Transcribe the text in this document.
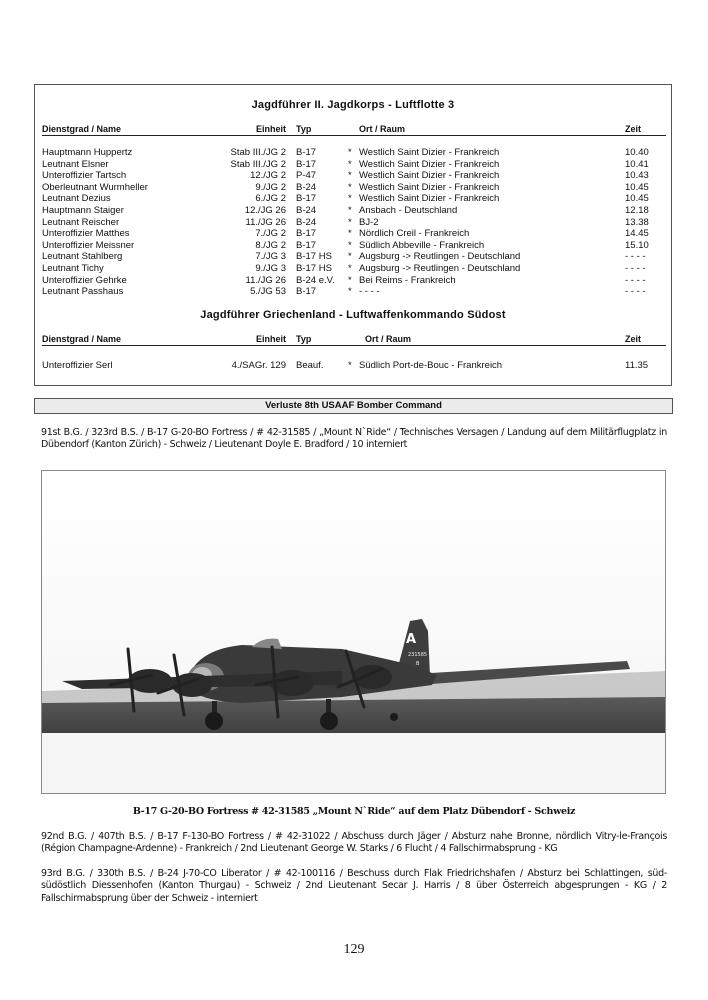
Jagdführer II. Jagdkorps - Luftflotte 3
Dienstgrad / Name	Einheit Typ	Ort / Raum	Zeit
Hauptmann Huppertz	Stab III./JG 2 B-17	* Westlich Saint Dizier - Frankreich	10.40
Leutnant Elsner	Stab III./JG 2 B-17	* Westlich Saint Dizier - Frankreich	10.41
Unteroffizier Tartsch	12./JG 2 P-47	* Westlich Saint Dizier - Frankreich	10.43
Oberleutnant Wurmheller	9./JG 2 B-24	* Westlich Saint Dizier - Frankreich	10.45
Leutnant Dezius	6./JG 2 B-17	* Westlich Saint Dizier - Frankreich	10.45
Hauptmann Staiger	12./JG 26 B-24	* Ansbach - Deutschland	12.18
Leutnant Reischer	11./JG 26 B-24	* BJ-2	13.38
Unteroffizier Matthes	7./JG 2 B-17	* Nördlich Creil - Frankreich	14.45
Unteroffizier Meissner	8./JG 2 B-17	* Südlich Abbeville - Frankreich	15.10
Leutnant Stahlberg	7./JG 3 B-17 HS * Augsburg -> Reutlingen - Deutschland	- - - -
Leutnant Tichy	9./JG 3 B-17 HS * Augsburg -> Reutlingen - Deutschland	- - - -
Unteroffizier Gehrke	11./JG 26 B-24 e.V. * Bei Reims - Frankreich	- - - -
Leutnant Passhaus	5./JG 53 B-17	* - - - -	- - - -
Jagdführer Griechenland - Luftwaffenkommando Südost
Dienstgrad / Name	Einheit Typ	Ort / Raum	Zeit
Unteroffizier Serl	4./SAGr. 129 Beauf.	* Südlich Port-de-Bouc - Frankreich	11.35
Verluste 8th USAAF Bomber Command
91st B.G. / 323rd B.S. / B-17 G-20-BO Fortress / # 42-31585 / „Mount N`Ride“ / Technisches Versagen / Landung auf dem Militärflugplatz in Dübendorf (Kanton Zürich) - Schweiz / Lieutenant Doyle E. Bradford / 10 interniert
A
231585
B
B-17 G-20-BO Fortress # 42-31585 „Mount N`Ride“ auf dem Platz Dübendorf - Schweiz
92nd B.G. / 407th B.S. / B-17 F-130-BO Fortress / # 42-31022 / Abschuss durch Jäger / Absturz nahe Bronne, nördlich Vitry-le-François (Région Champagne-Ardenne) - Frankreich / 2nd Lieutenant George W. Starks / 6 Flucht / 4 Fallschirmabsprung - KG
93rd B.G. / 330th B.S. / B-24 J-70-CO Liberator / # 42-100116 / Beschuss durch Flak Friedrichshafen / Absturz bei Schlattingen, süd-südöstlich Diessenhofen (Kanton Thurgau) - Schweiz / 2nd Lieutenant Secar J. Harris / 8 über Österreich abgesprungen - KG / 2 Fallschirmabsprung über der Schweiz - interniert
129
